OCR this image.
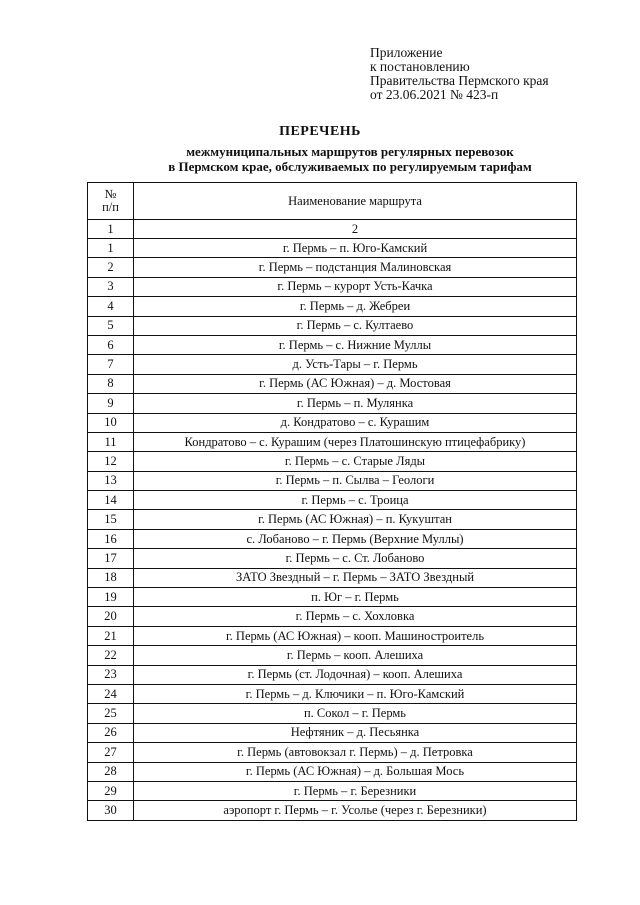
Приложение
к постановлению
Правительства Пермского края
от 23.06.2021 № 423-п
ПЕРЕЧЕНЬ
межмуниципальных маршрутов регулярных перевозок
в Пермском крае, обслуживаемых по регулируемым тарифам
№
п/п	Наименование маршрута
1	2
1	г. Пермь – п. Юго-Камский
2	г. Пермь – подстанция Малиновская
3	г. Пермь – курорт Усть-Качка
4	г. Пермь – д. Жебреи
5	г. Пермь – с. Култаево
6	г. Пермь – с. Нижние Муллы
7	д. Усть-Тары – г. Пермь
8	г. Пермь (АС Южная) – д. Мостовая
9	г. Пермь – п. Мулянка
10	д. Кондратово – с. Курашим
11	Кондратово – с. Курашим (через Платошинскую птицефабрику)
12	г. Пермь – с. Старые Ляды
13	г. Пермь – п. Сылва – Геологи
14	г. Пермь – с. Троица
15	г. Пермь (АС Южная) – п. Кукуштан
16	с. Лобаново – г. Пермь (Верхние Муллы)
17	г. Пермь – с. Ст. Лобаново
18	ЗАТО Звездный – г. Пермь – ЗАТО Звездный
19	п. Юг – г. Пермь
20	г. Пермь – с. Хохловка
21	г. Пермь (АС Южная) – кооп. Машиностроитель
22	г. Пермь – кооп. Алешиха
23	г. Пермь (ст. Лодочная) – кооп. Алешиха
24	г. Пермь – д. Ключики – п. Юго-Камский
25	п. Сокол – г. Пермь
26	Нефтяник – д. Песьянка
27	г. Пермь (автовокзал г. Пермь) – д. Петровка
28	г. Пермь (АС Южная) – д. Большая Мось
29	г. Пермь – г. Березники
30	аэропорт г. Пермь – г. Усолье (через г. Березники)
